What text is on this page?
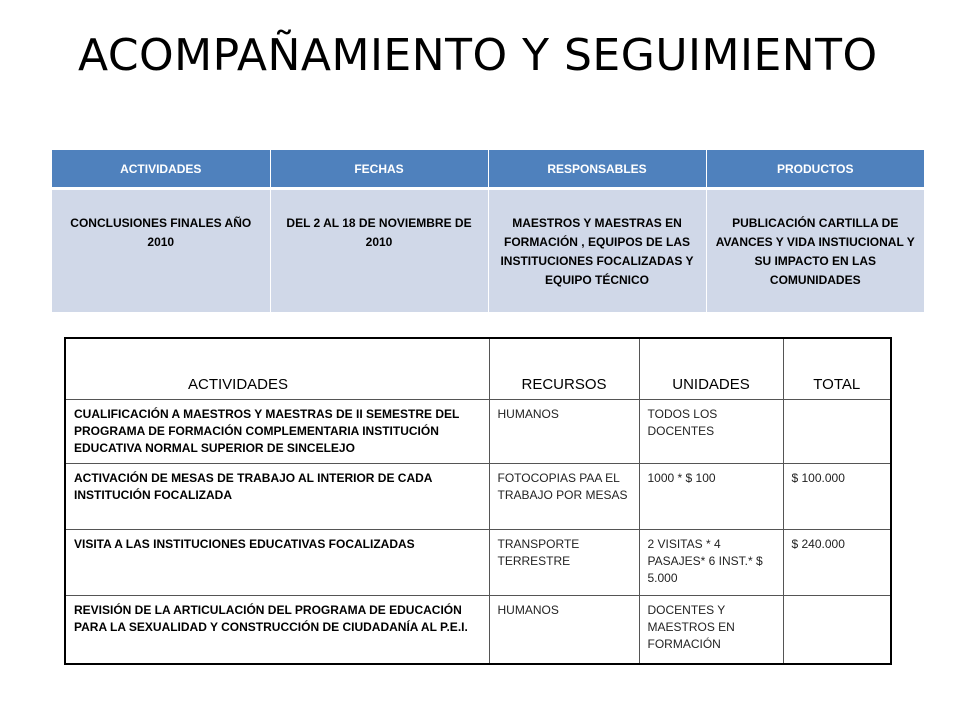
ACOMPAÑAMIENTO Y SEGUIMIENTO
ACTIVIDADES	FECHAS	RESPONSABLES	PRODUCTOS
CONCLUSIONES FINALES AÑO 2010	DEL 2 AL 18 DE NOVIEMBRE DE 2010	MAESTROS Y MAESTRAS EN FORMACIÓN , EQUIPOS DE LAS INSTITUCIONES FOCALIZADAS Y EQUIPO TÉCNICO	PUBLICACIÓN CARTILLA DE AVANCES Y VIDA INSTIUCIONAL Y SU IMPACTO EN LAS COMUNIDADES
ACTIVIDADES	RECURSOS	UNIDADES	TOTAL
CUALIFICACIÓN A MAESTROS Y MAESTRAS DE II SEMESTRE DEL PROGRAMA DE FORMACIÓN COMPLEMENTARIA INSTITUCIÓN EDUCATIVA NORMAL SUPERIOR DE SINCELEJO	HUMANOS	TODOS LOS DOCENTES	
ACTIVACIÓN DE MESAS DE TRABAJO AL INTERIOR DE CADA INSTITUCIÓN FOCALIZADA	FOTOCOPIAS PAA EL TRABAJO POR MESAS	1000 * $ 100	$ 100.000
VISITA A LAS INSTITUCIONES EDUCATIVAS FOCALIZADAS	TRANSPORTE TERRESTRE	2 VISITAS * 4 PASAJES* 6 INST.* $ 5.000	$ 240.000
REVISIÓN DE LA ARTICULACIÓN DEL PROGRAMA DE EDUCACIÓN PARA LA SEXUALIDAD Y CONSTRUCCIÓN DE CIUDADANÍA AL P.E.I.	HUMANOS	DOCENTES Y MAESTROS EN FORMACIÓN	
